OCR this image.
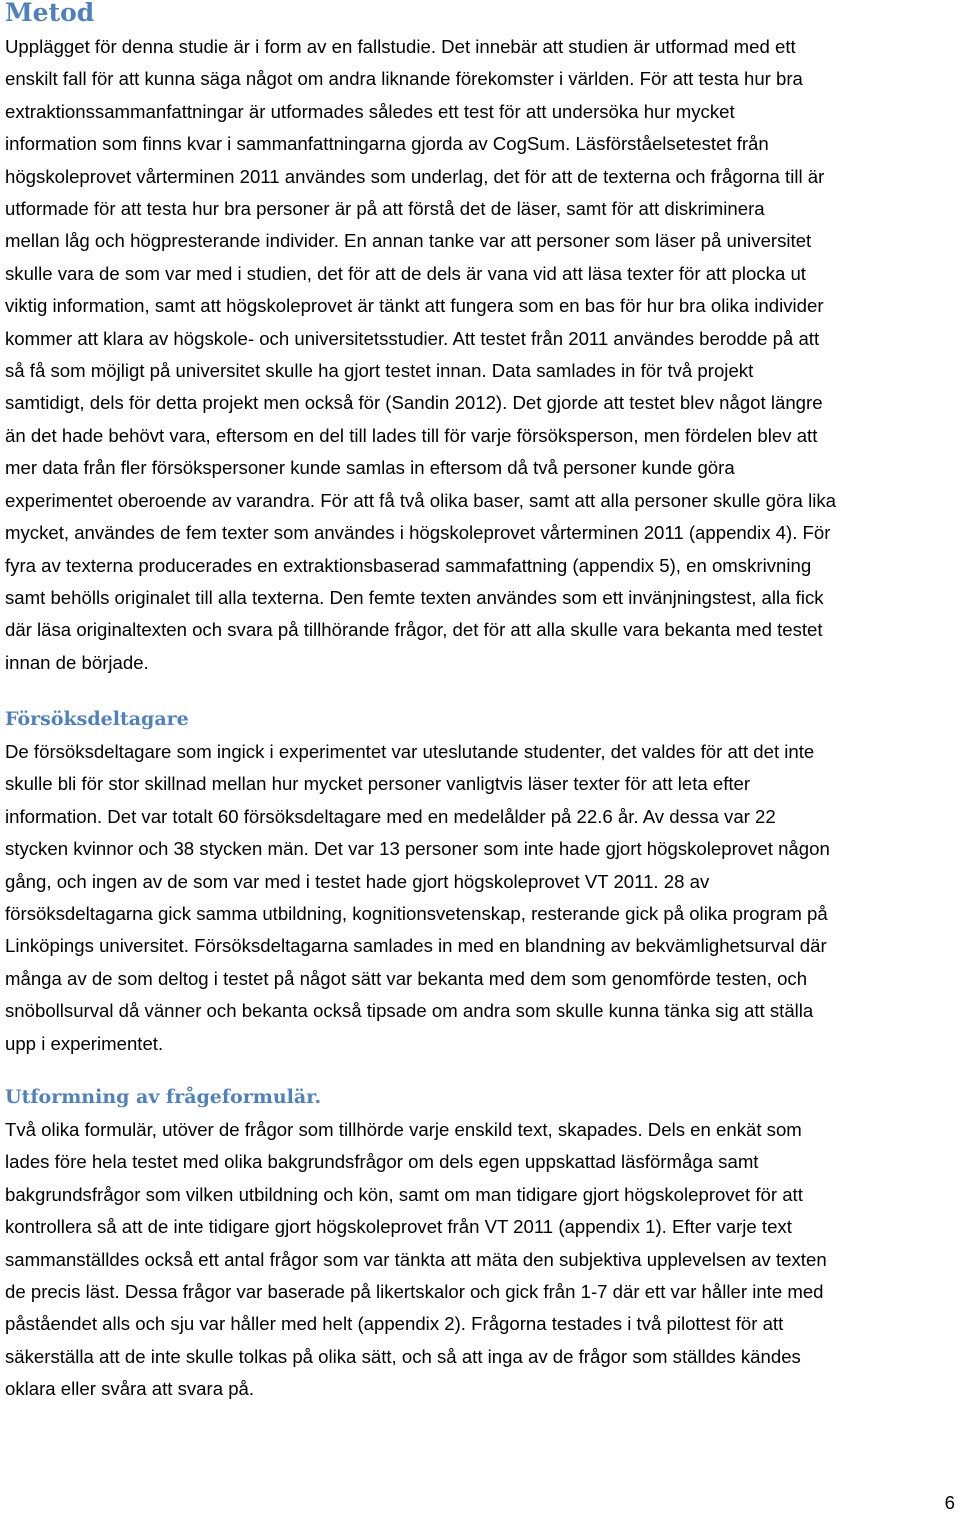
Metod

Upplägget för denna studie är i form av en fallstudie. Det innebär att studien är utformad med ett
enskilt fall för att kunna säga något om andra liknande förekomster i världen. För att testa hur bra
extraktionssammanfattningar är utformades således ett test för att undersöka hur mycket
information som finns kvar i sammanfattningarna gjorda av CogSum. Läsförståelsetestet från
högskoleprovet vårterminen 2011 användes som underlag, det för att de texterna och frågorna till är
utformade för att testa hur bra personer är på att förstå det de läser, samt för att diskriminera
mellan låg och högpresterande individer. En annan tanke var att personer som läser på universitet
skulle vara de som var med i studien, det för att de dels är vana vid att läsa texter för att plocka ut
viktig information, samt att högskoleprovet är tänkt att fungera som en bas för hur bra olika individer
kommer att klara av högskole- och universitetsstudier. Att testet från 2011 användes berodde på att
så få som möjligt på universitet skulle ha gjort testet innan. Data samlades in för två projekt
samtidigt, dels för detta projekt men också för (Sandin 2012). Det gjorde att testet blev något längre
än det hade behövt vara, eftersom en del till lades till för varje försöksperson, men fördelen blev att
mer data från fler försökspersoner kunde samlas in eftersom då två personer kunde göra
experimentet oberoende av varandra. För att få två olika baser, samt att alla personer skulle göra lika
mycket, användes de fem texter som användes i högskoleprovet vårterminen 2011 (appendix 4). För
fyra av texterna producerades en extraktionsbaserad sammafattning (appendix 5), en omskrivning
samt behölls originalet till alla texterna. Den femte texten användes som ett invänjningstest, alla fick
där läsa originaltexten och svara på tillhörande frågor, det för att alla skulle vara bekanta med testet
innan de började.

Försöksdeltagare

De försöksdeltagare som ingick i experimentet var uteslutande studenter, det valdes för att det inte
skulle bli för stor skillnad mellan hur mycket personer vanligtvis läser texter för att leta efter
information. Det var totalt 60 försöksdeltagare med en medelålder på 22.6 år. Av dessa var 22
stycken kvinnor och 38 stycken män. Det var 13 personer som inte hade gjort högskoleprovet någon
gång, och ingen av de som var med i testet hade gjort högskoleprovet VT 2011. 28 av
försöksdeltagarna gick samma utbildning, kognitionsvetenskap, resterande gick på olika program på
Linköpings universitet. Försöksdeltagarna samlades in med en blandning av bekvämlighetsurval där
många av de som deltog i testet på något sätt var bekanta med dem som genomförde testen, och
snöbollsurval då vänner och bekanta också tipsade om andra som skulle kunna tänka sig att ställa
upp i experimentet.

Utformning av frågeformulär.

Två olika formulär, utöver de frågor som tillhörde varje enskild text, skapades. Dels en enkät som
lades före hela testet med olika bakgrundsfrågor om dels egen uppskattad läsförmåga samt
bakgrundsfrågor som vilken utbildning och kön, samt om man tidigare gjort högskoleprovet för att
kontrollera så att de inte tidigare gjort högskoleprovet från VT 2011 (appendix 1). Efter varje text
sammanställdes också ett antal frågor som var tänkta att mäta den subjektiva upplevelsen av texten
de precis läst. Dessa frågor var baserade på likertskalor och gick från 1-7 där ett var håller inte med
påståendet alls och sju var håller med helt (appendix 2). Frågorna testades i två pilottest för att
säkerställa att de inte skulle tolkas på olika sätt, och så att inga av de frågor som ställdes kändes
oklara eller svåra att svara på.

6
